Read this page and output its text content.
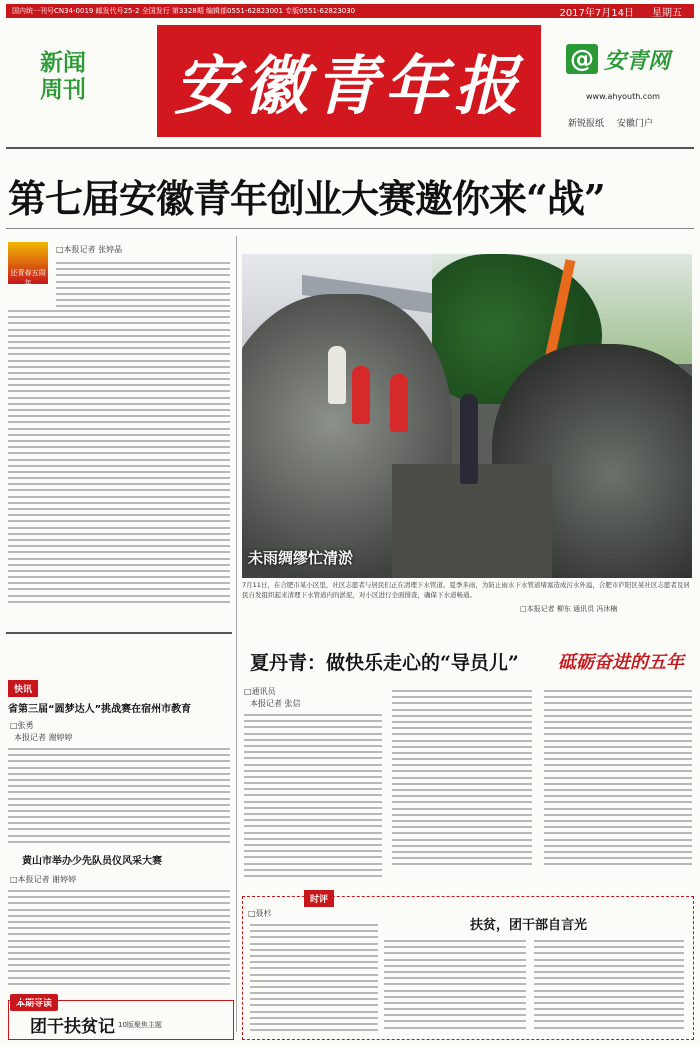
国内统一刊号CN34-0019 邮发代号25-2 全国发行 第3328期 编辑部0551-62823001 专版0551-62823030	2017年7月14日 星期五
新闻
周刊 安徽青年报	@ 安青网
www.ahyouth.com
新锐报纸 安徽门户
第七届安徽青年创业大赛邀你来“战”
还青春五周年
□本报记者 张婷晶
未雨绸缪忙清淤
7月11日，在合肥市某小区里，社区志愿者与居民们正在清理下水管道。夏季多雨，为防止雨水下水管道堵塞造成污水外溢，合肥市庐阳区某社区志愿者及居民自发组织起来清理下水管道内的淤泥，对小区进行全面排查，确保下水道畅通。
□本报记者 柳东 通讯员 冯沐楠
夏丹青：做快乐走心的“导员儿” 砥砺奋进的五年
□通讯员
本报记者 张信
快讯
省第三届“圆梦达人”挑战赛在宿州市教育
□张勇
本报记者 谢婷婷
黄山市举办少先队员仪风采大赛
□本报记者 谢婷婷
本期导读
团干扶贫记 10版聚焦主题
时评
□聂杉
扶贫，团干部自言光
